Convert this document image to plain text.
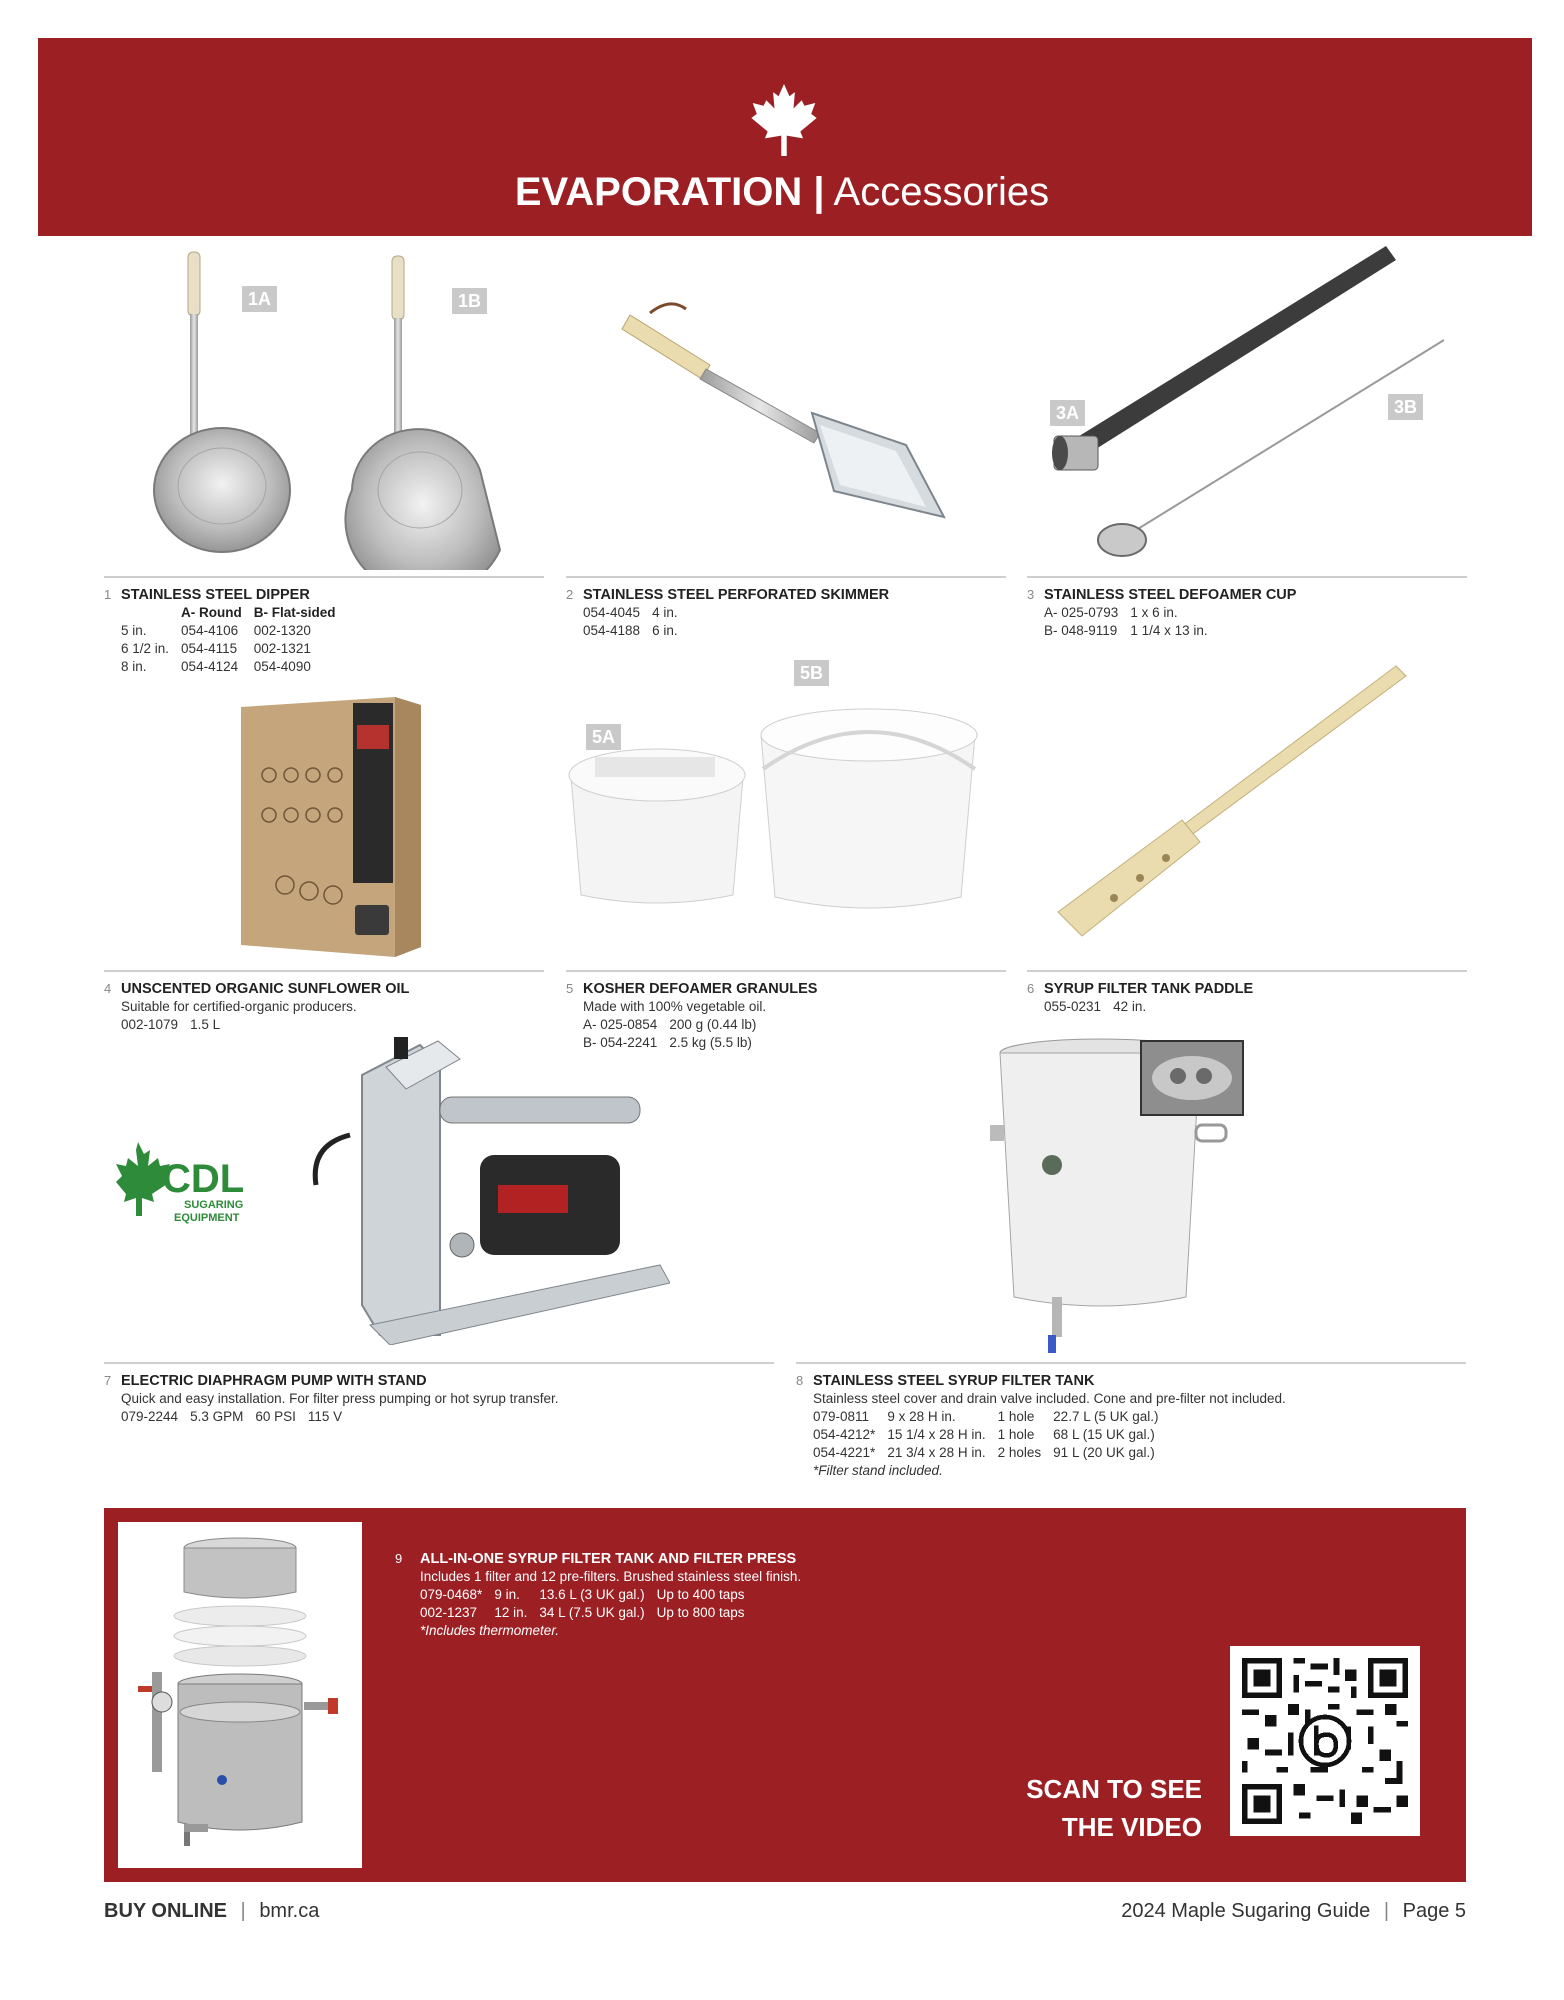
EVAPORATION | Accessories
1A	1B
3A	3B
1 STAINLESS STEEL DIPPER
	A- Round	B- Flat-sided
5 in.	054-4106	002-1320
6 1/2 in.	054-4115	002-1321
8 in.	054-4124	054-4090
2 STAINLESS STEEL PERFORATED SKIMMER
054-4045	4 in.
054-4188	6 in.
3 STAINLESS STEEL DEFOAMER CUP
A- 025-0793	1 x 6 in.
B- 048-9119	1 1/4 x 13 in.
5A
5B
4 UNSCENTED ORGANIC SUNFLOWER OIL
Suitable for certified-organic producers.
002-1079	1.5 L
5 KOSHER DEFOAMER GRANULES
Made with 100% vegetable oil.
A- 025-0854	200 g (0.44 lb)
B- 054-2241	2.5 kg (5.5 lb)
6 SYRUP FILTER TANK PADDLE
055-0231	42 in.
CDL
SUGARING
EQUIPMENT
7 ELECTRIC DIAPHRAGM PUMP WITH STAND
Quick and easy installation. For filter press pumping or hot syrup transfer.
079-2244	5.3 GPM	60 PSI	115 V
8 STAINLESS STEEL SYRUP FILTER TANK
Stainless steel cover and drain valve included. Cone and pre-filter not included.
079-0811	9 x 28 H in.	1 hole	22.7 L (5 UK gal.)
054-4212*	15 1/4 x 28 H in.	1 hole	68 L (15 UK gal.)
054-4221*	21 3/4 x 28 H in.	2 holes	91 L (20 UK gal.)
*Filter stand included.
9 ALL-IN-ONE SYRUP FILTER TANK AND FILTER PRESS
Includes 1 filter and 12 pre-filters. Brushed stainless steel finish.
079-0468*	9 in.	13.6 L (3 UK gal.)	Up to 400 taps
002-1237	12 in.	34 L (7.5 UK gal.)	Up to 800 taps
*Includes thermometer.
SCAN TO SEE
THE VIDEO
BUY ONLINE | bmr.ca	2024 Maple Sugaring Guide | Page 5
